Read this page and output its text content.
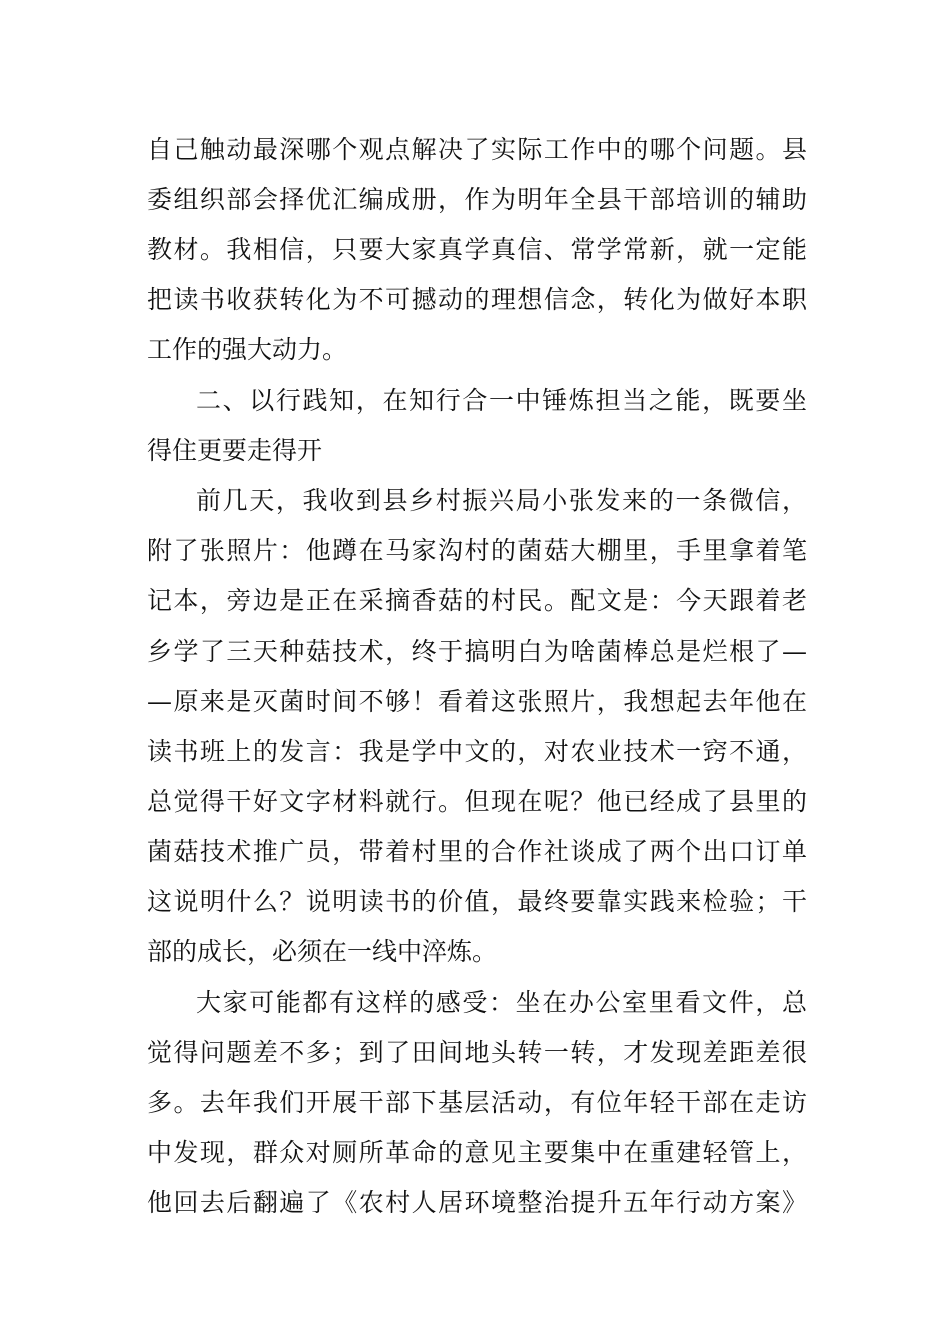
自己触动最深哪个观点解决了实际工作中的哪个问题。县
委组织部会择优汇编成册，作为明年全县干部培训的辅助
教材。我相信，只要大家真学真信、常学常新，就一定能
把读书收获转化为不可撼动的理想信念，转化为做好本职
工作的强大动力。
二、以行践知，在知行合一中锤炼担当之能，既要坐
得住更要走得开
前几天，我收到县乡村振兴局小张发来的一条微信，
附了张照片：他蹲在马家沟村的菌菇大棚里，手里拿着笔
记本，旁边是正在采摘香菇的村民。配文是：今天跟着老
乡学了三天种菇技术，终于搞明白为啥菌棒总是烂根了—
—原来是灭菌时间不够！看着这张照片，我想起去年他在
读书班上的发言：我是学中文的，对农业技术一窍不通，
总觉得干好文字材料就行。但现在呢？他已经成了县里的
菌菇技术推广员，带着村里的合作社谈成了两个出口订单
这说明什么？说明读书的价值，最终要靠实践来检验；干
部的成长，必须在一线中淬炼。
大家可能都有这样的感受：坐在办公室里看文件，总
觉得问题差不多；到了田间地头转一转，才发现差距差很
多。去年我们开展干部下基层活动，有位年轻干部在走访
中发现，群众对厕所革命的意见主要集中在重建轻管上，
他回去后翻遍了《农村人居环境整治提升五年行动方案》
